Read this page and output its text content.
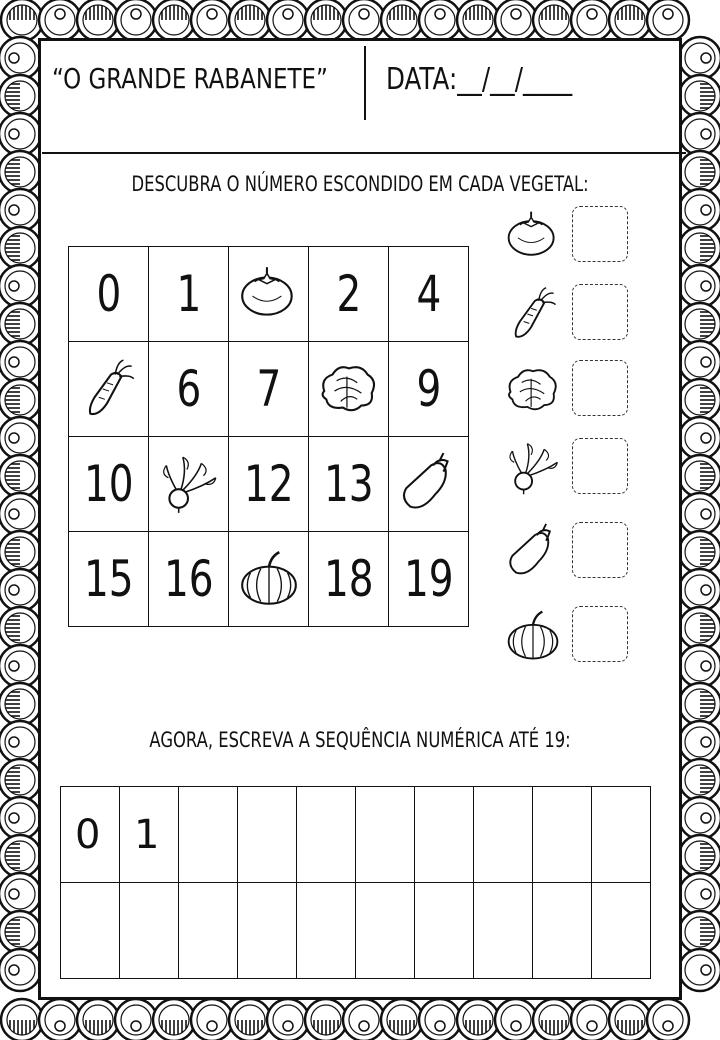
“O GRANDE RABANETE” DATA:__/__/____
DESCUBRA O NÚMERO ESCONDIDO EM CADA VEGETAL:
0	1		2	4

	6	7		9
10		12	13	

15	16		18	19
AGORA, ESCREVA A SEQUÊNCIA NUMÉRICA ATÉ 19:
0	1								
